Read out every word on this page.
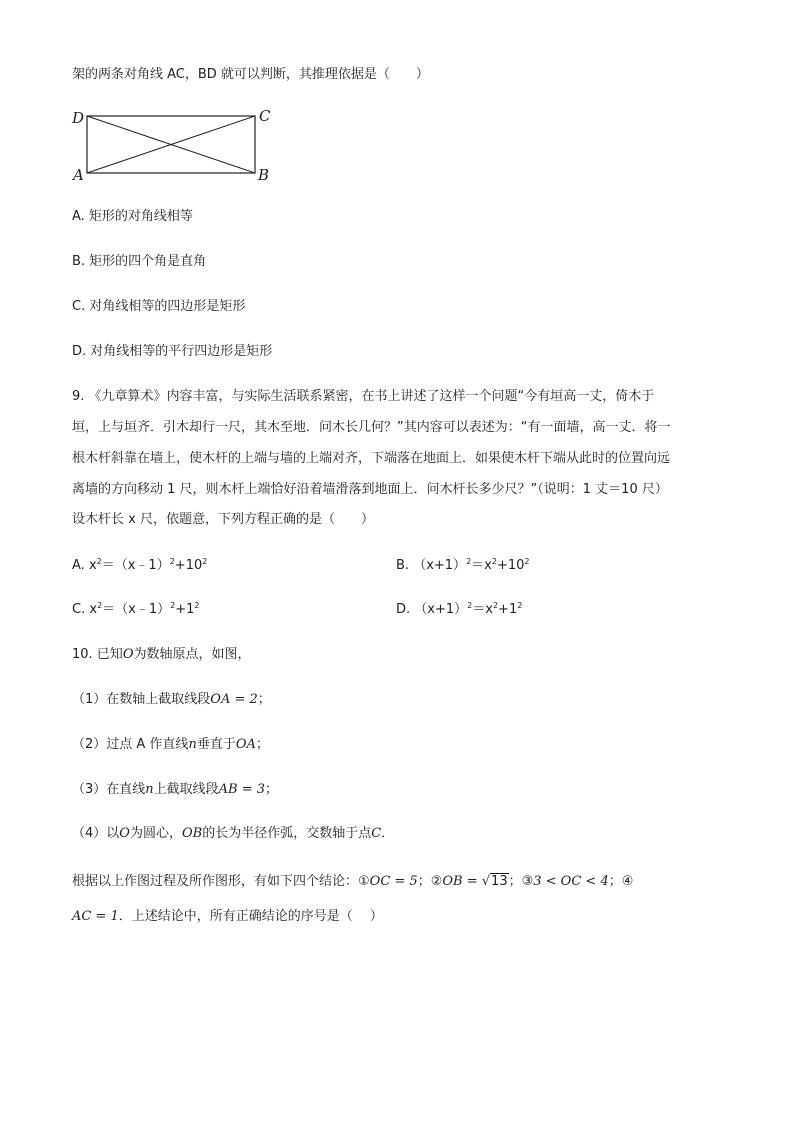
架的两条对角线 AC，BD 就可以判断，其推理依据是（　　）
D	C
A	B
A. 矩形的对角线相等
B. 矩形的四个角是直角
C. 对角线相等的四边形是矩形
D. 对角线相等的平行四边形是矩形
9. 《九章算术》内容丰富，与实际生活联系紧密，在书上讲述了这样一个问题“今有垣高一丈，倚木于
垣，上与垣齐．引木却行一尺，其木至地．问木长几何？”其内容可以表述为：“有一面墙，高一丈．将一
根木杆斜靠在墙上，使木杆的上端与墙的上端对齐，下端落在地面上．如果使木杆下端从此时的位置向远
离墙的方向移动 1 尺，则木杆上端恰好沿着墙滑落到地面上．问木杆长多少尺？”（说明：1 丈＝10 尺）
设木杆长 x 尺，依题意，下列方程正确的是（　　）
A. $x^2=(x﹣1)^2+10^2$	B. $(x+1)^2=x^2+10^2$
C. $x^2=(x﹣1)^2+1^2$	D. $(x+1)^2=x^2+1^2$
10. 已知O为数轴原点，如图，
（1）在数轴上截取线段OA = 2；
（2）过点 A 作直线n垂直于OA；
（3）在直线n上截取线段AB = 3；
（4）以O为圆心，OB的长为半径作弧，交数轴于点C．
根据以上作图过程及所作图形，有如下四个结论：①OC = 5；②OB = √13；③3 < OC < 4；④
AC = 1．上述结论中，所有正确结论的序号是（　 ）
